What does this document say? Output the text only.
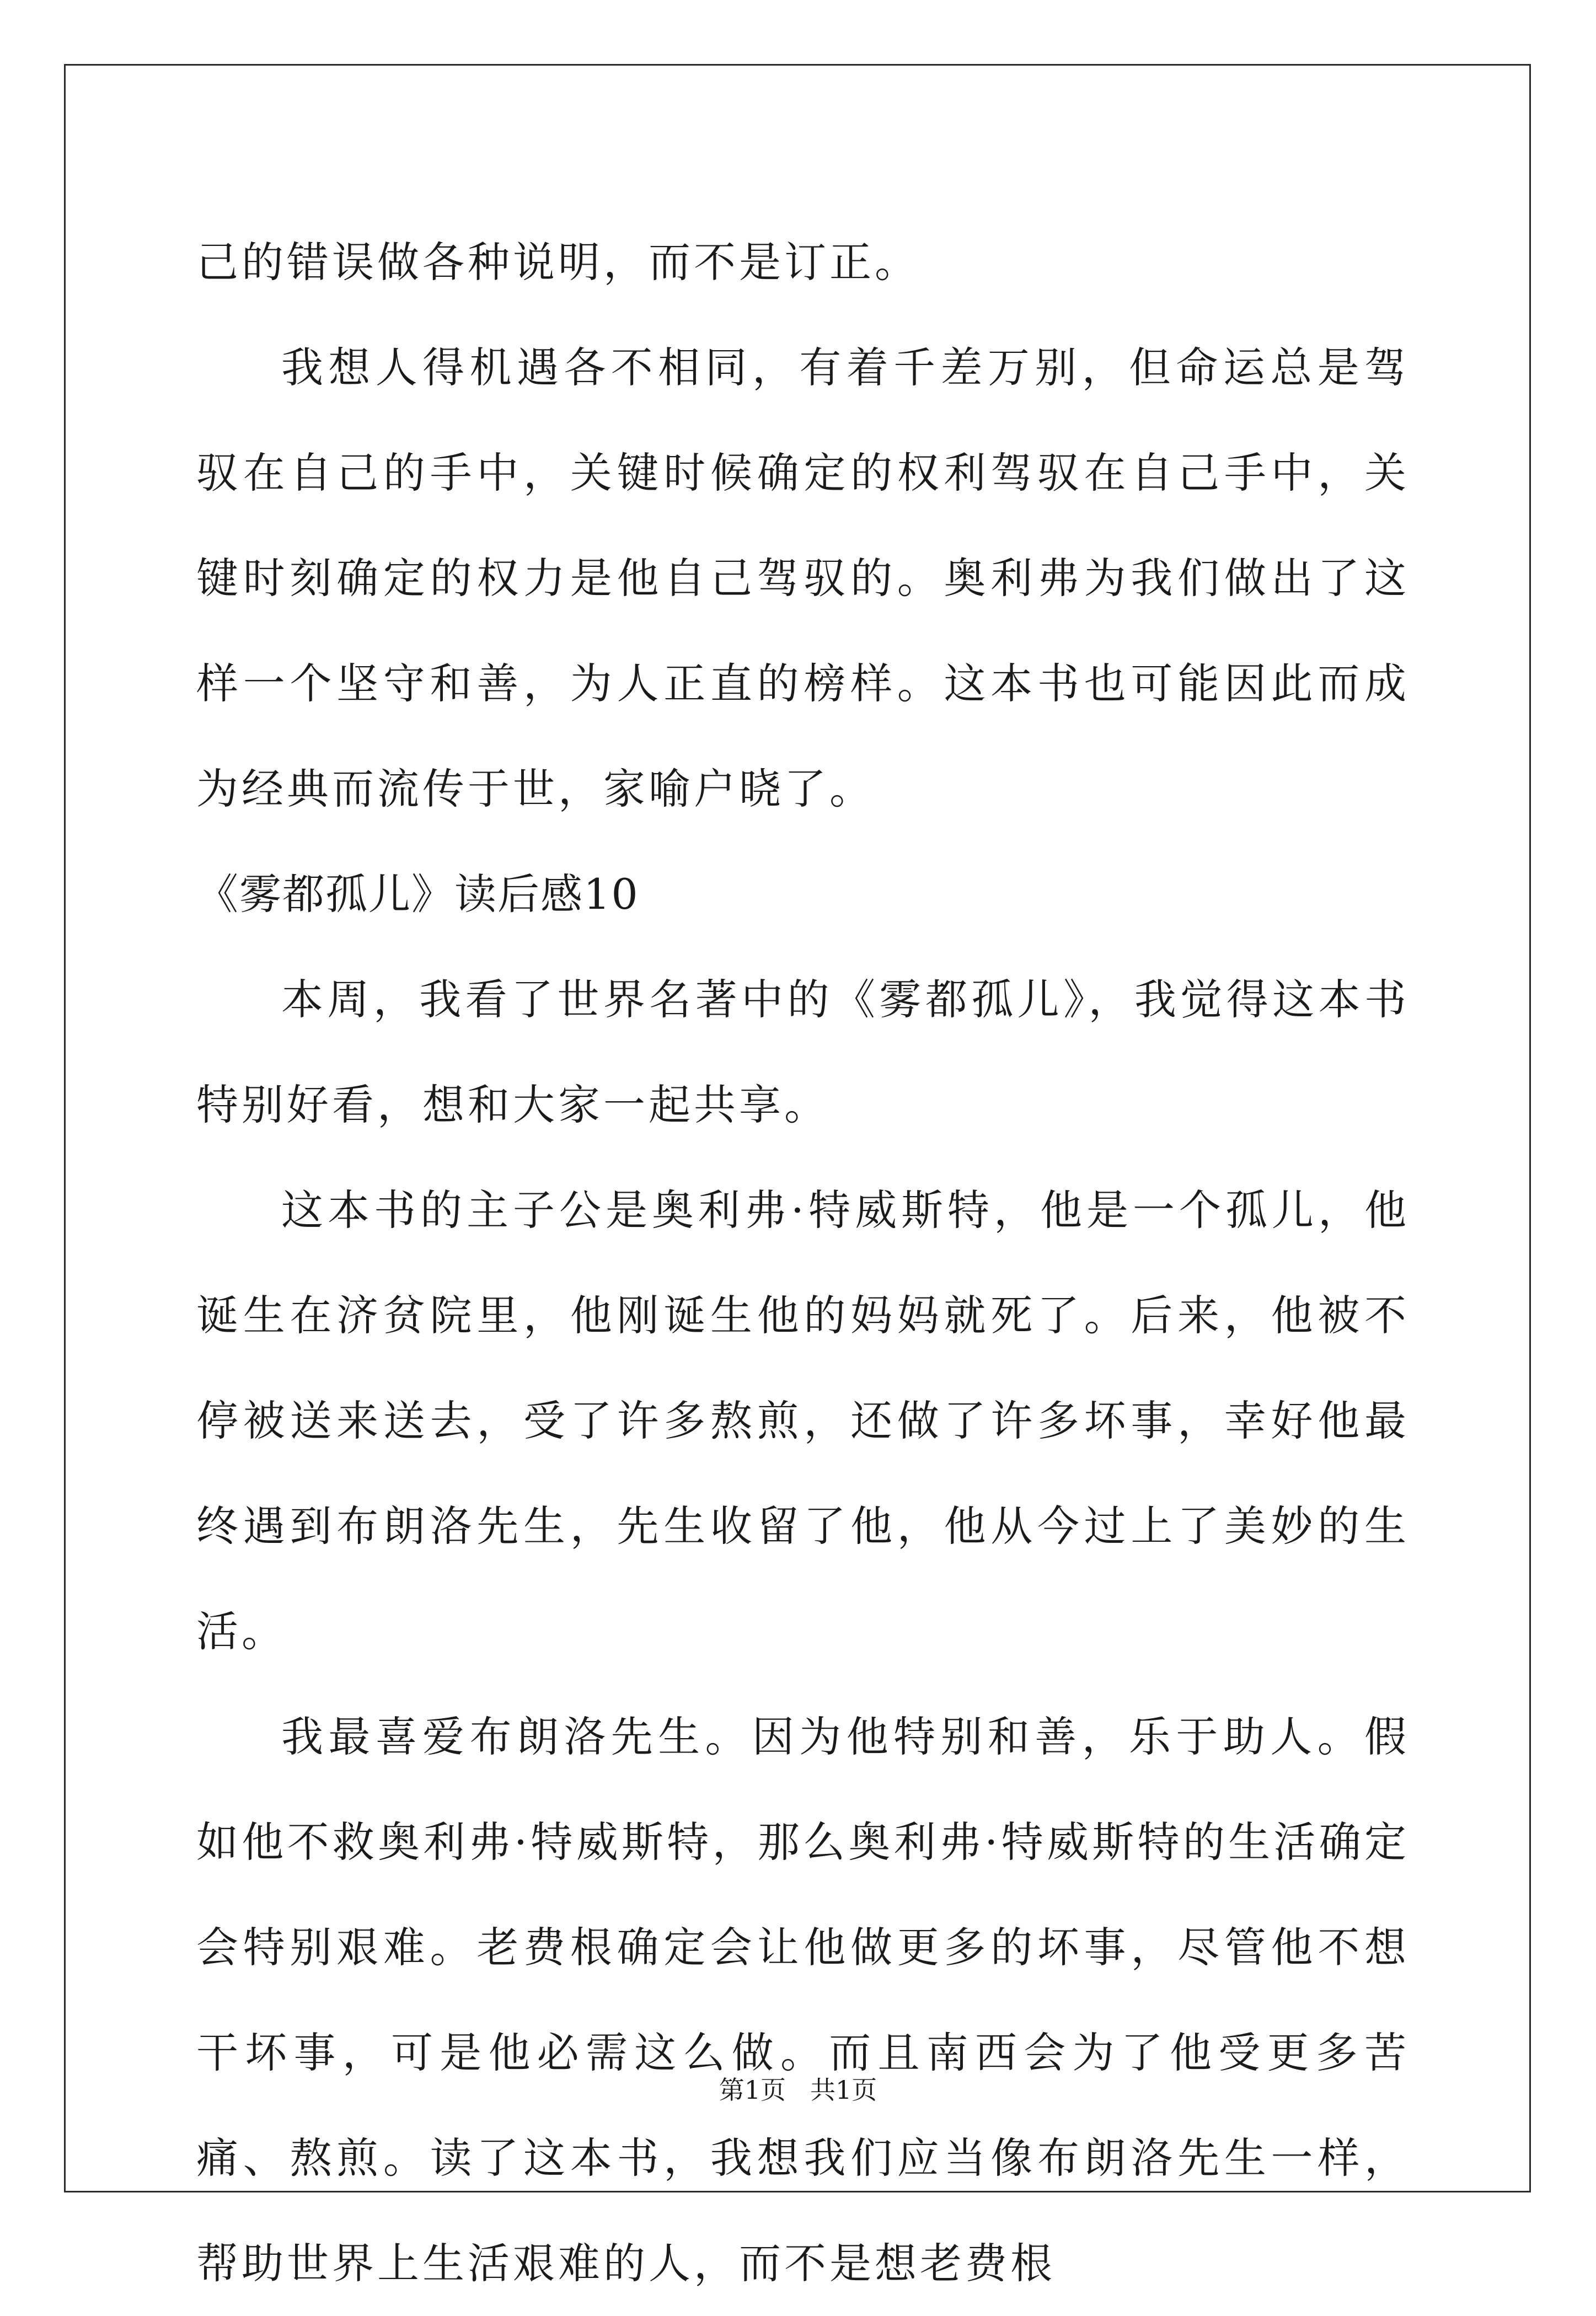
己的错误做各种说明，而不是订正。

我想人得机遇各不相同，有着千差万别，但命运总是驾驭在自己的手中，关键时候确定的权利驾驭在自己手中，关键时刻确定的权力是他自己驾驭的。奥利弗为我们做出了这样一个坚守和善，为人正直的榜样。这本书也可能因此而成为经典而流传于世，家喻户晓了。

《雾都孤儿》读后感10

本周，我看了世界名著中的《雾都孤儿》，我觉得这本书特别好看，想和大家一起共享。

这本书的主子公是奥利弗·特威斯特，他是一个孤儿，他诞生在济贫院里，他刚诞生他的妈妈就死了。后来，他被不停被送来送去，受了许多熬煎，还做了许多坏事，幸好他最终遇到布朗洛先生，先生收留了他，他从今过上了美妙的生活。

我最喜爱布朗洛先生。因为他特别和善，乐于助人。假如他不救奥利弗·特威斯特，那么奥利弗·特威斯特的生活确定会特别艰难。老费根确定会让他做更多的坏事，尽管他不想干坏事，可是他必需这么做。而且南西会为了他受更多苦痛、熬煎。读了这本书，我想我们应当像布朗洛先生一样，帮助世界上生活艰难的人，而不是想老费根

第1页 共1页
